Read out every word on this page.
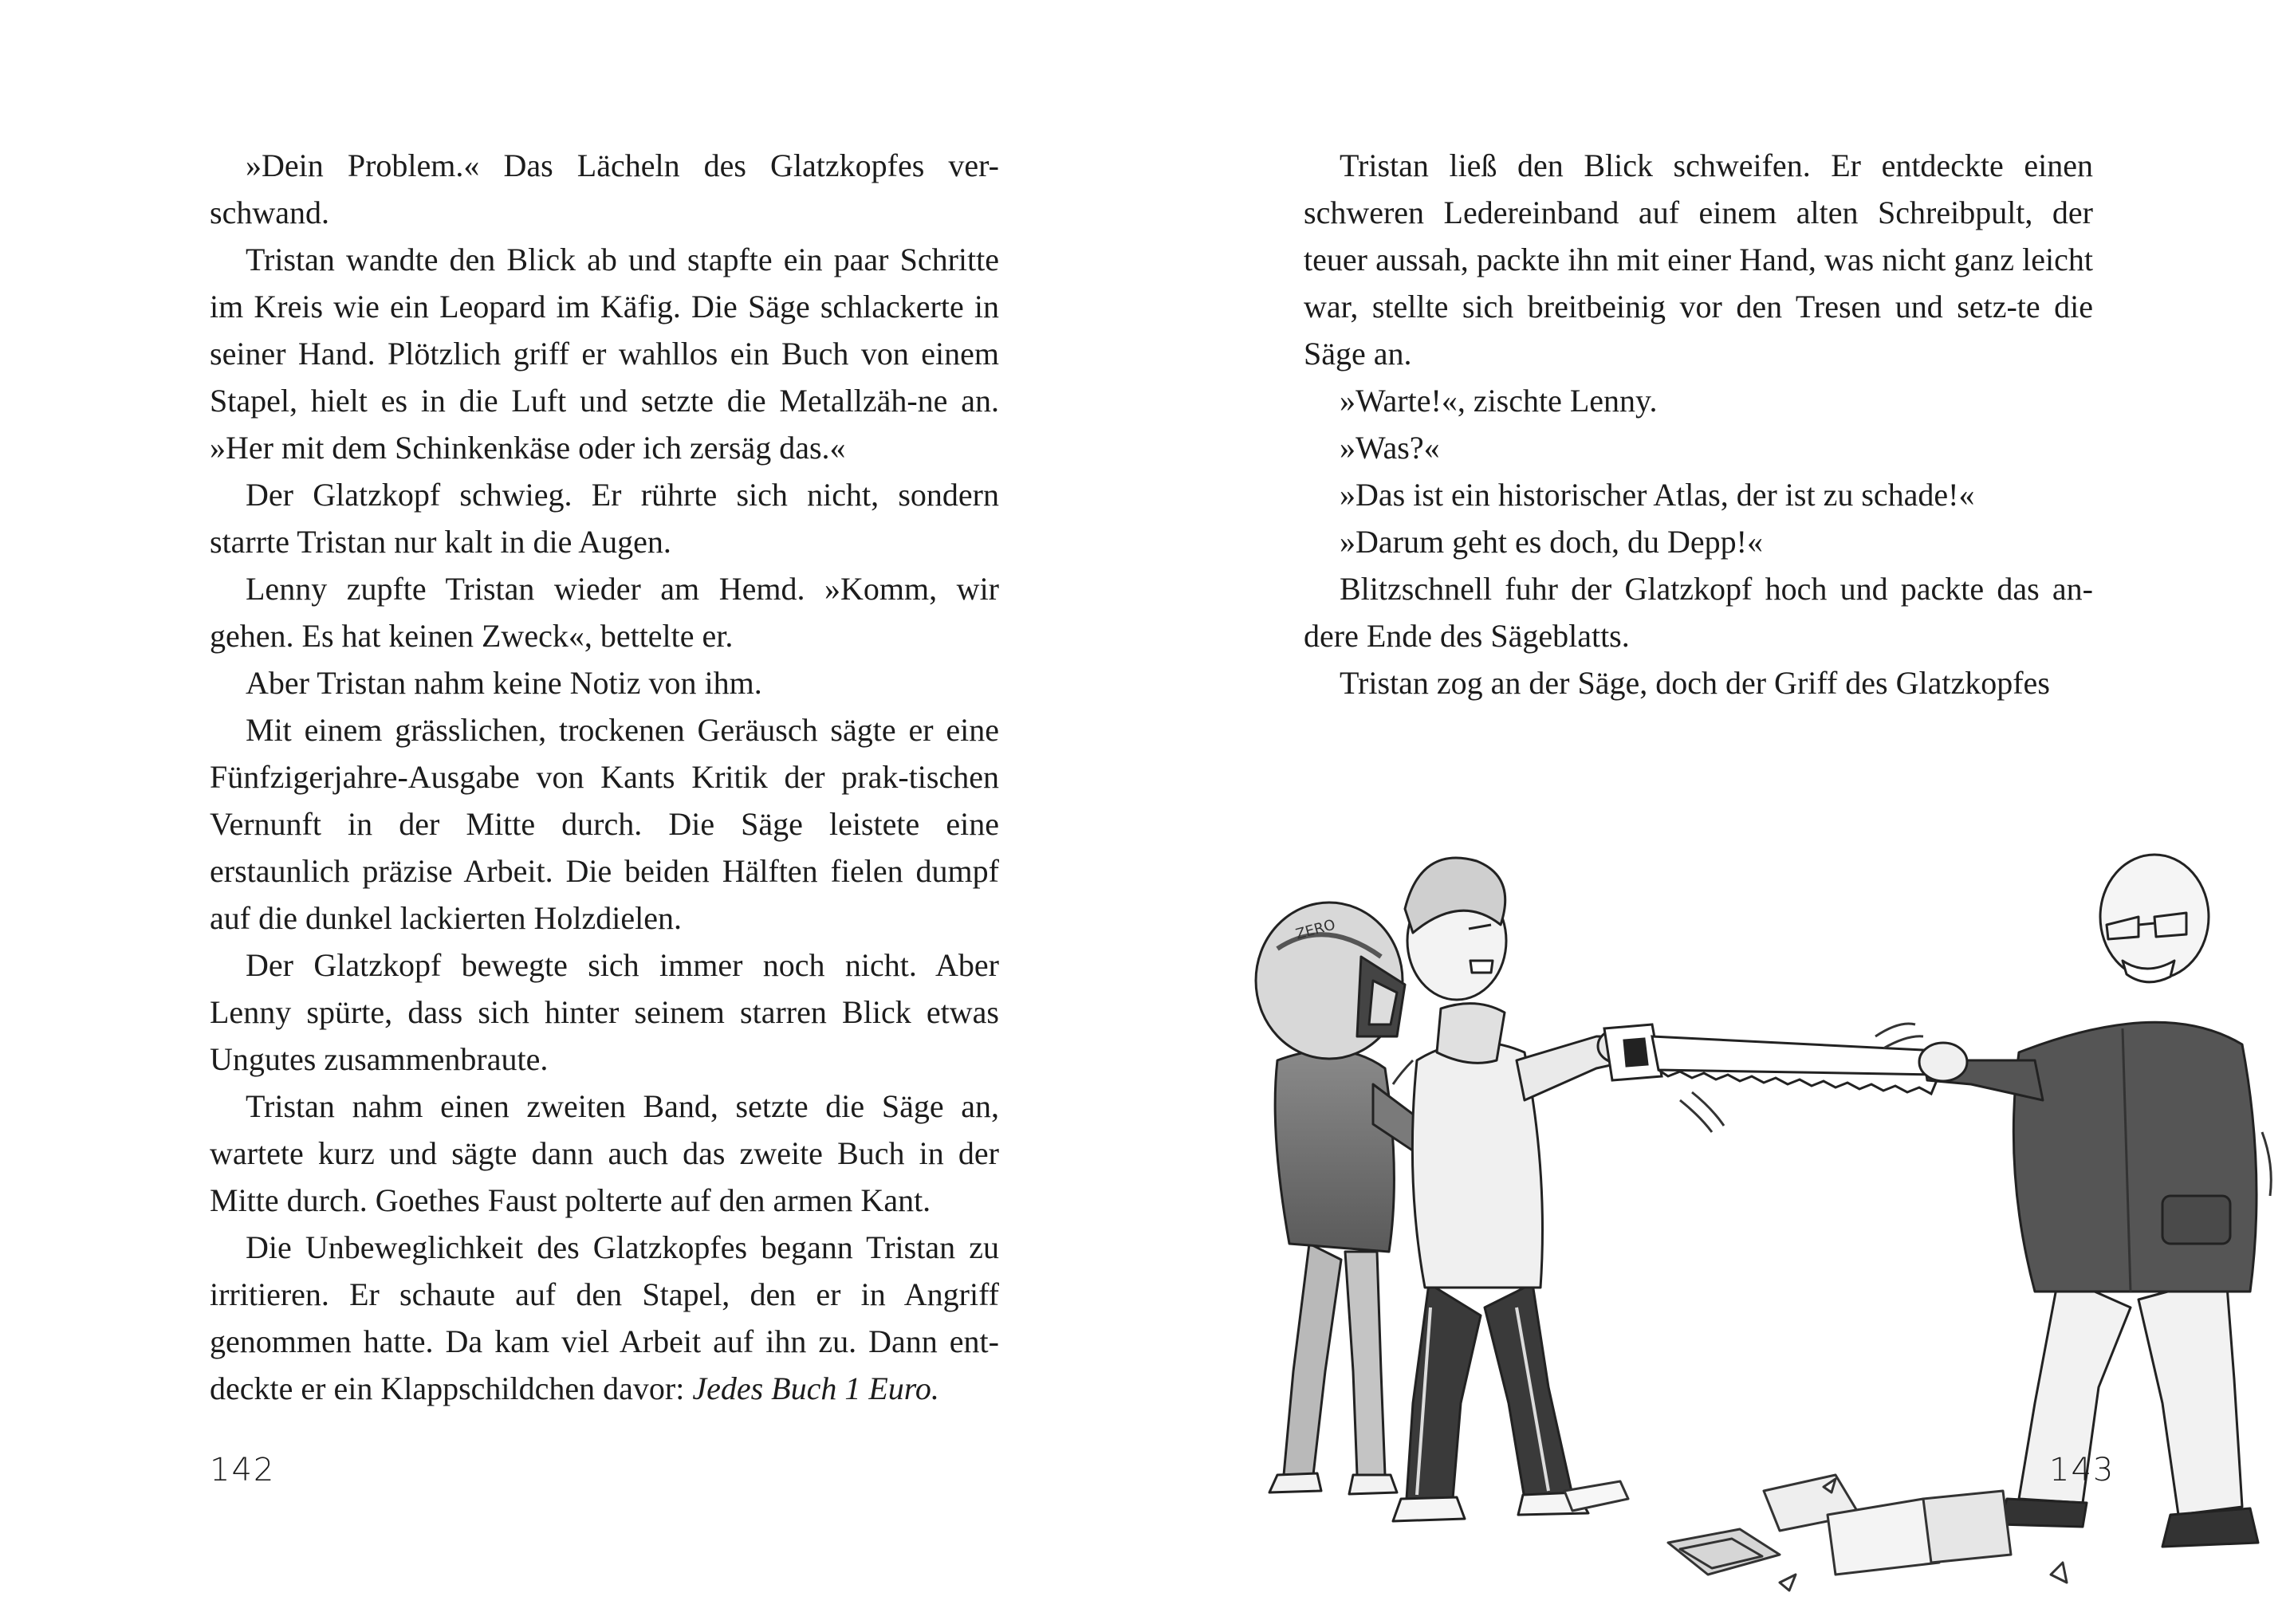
»Dein Problem.« Das Lächeln des Glatzkopfes ver-schwand.

Tristan wandte den Blick ab und stapfte ein paar Schritte im Kreis wie ein Leopard im Käfig. Die Säge schlackerte in seiner Hand. Plötzlich griff er wahllos ein Buch von einem Stapel, hielt es in die Luft und setzte die Metallzäh-ne an. »Her mit dem Schinkenkäse oder ich zersäg das.«

Der Glatzkopf schwieg. Er rührte sich nicht, sondern starrte Tristan nur kalt in die Augen.

Lenny zupfte Tristan wieder am Hemd. »Komm, wir gehen. Es hat keinen Zweck«, bettelte er.

Aber Tristan nahm keine Notiz von ihm.

Mit einem grässlichen, trockenen Geräusch sägte er eine Fünfzigerjahre-Ausgabe von Kants Kritik der prak-tischen Vernunft in der Mitte durch. Die Säge leistete eine erstaunlich präzise Arbeit. Die beiden Hälften fielen dumpf auf die dunkel lackierten Holzdielen.

Der Glatzkopf bewegte sich immer noch nicht. Aber Lenny spürte, dass sich hinter seinem starren Blick etwas Ungutes zusammenbraute.

Tristan nahm einen zweiten Band, setzte die Säge an, wartete kurz und sägte dann auch das zweite Buch in der Mitte durch. Goethes Faust polterte auf den armen Kant.

Die Unbeweglichkeit des Glatzkopfes begann Tristan zu irritieren. Er schaute auf den Stapel, den er in Angriff genommen hatte. Da kam viel Arbeit auf ihn zu. Dann ent-deckte er ein Klappschildchen davor: Jedes Buch 1 Euro.

142

Tristan ließ den Blick schweifen. Er entdeckte einen schweren Ledereinband auf einem alten Schreibpult, der teuer aussah, packte ihn mit einer Hand, was nicht ganz leicht war, stellte sich breitbeinig vor den Tresen und setz-te die Säge an.

»Warte!«, zischte Lenny.

»Was?«

»Das ist ein historischer Atlas, der ist zu schade!«

»Darum geht es doch, du Depp!«

Blitzschnell fuhr der Glatzkopf hoch und packte das an-dere Ende des Sägeblatts.

Tristan zog an der Säge, doch der Griff des Glatzkopfes

ZERO
143
